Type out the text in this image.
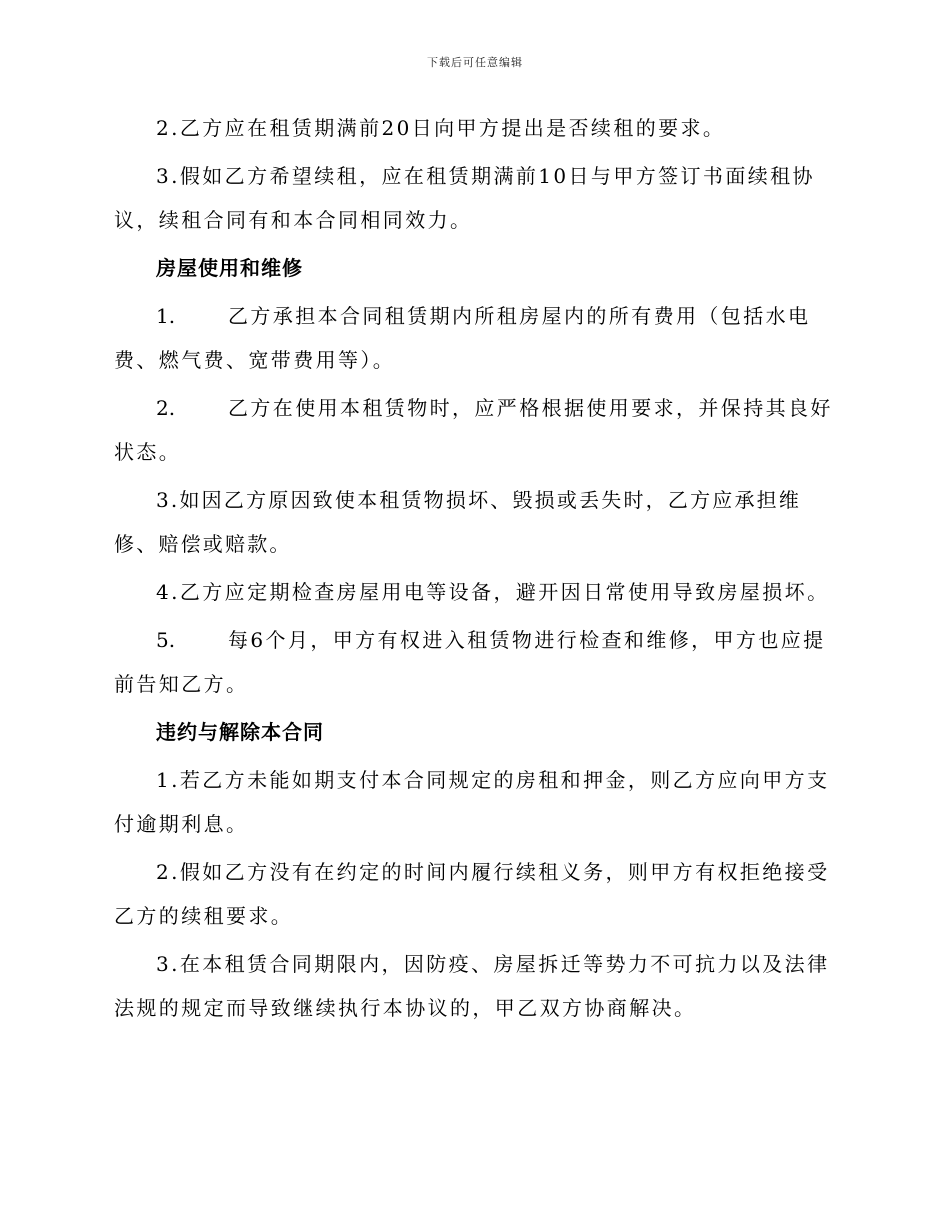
下载后可任意编辑

2.乙方应在租赁期满前20日向甲方提出是否续租的要求。

3.假如乙方希望续租，应在租赁期满前10日与甲方签订书面续租协议，续租合同有和本合同相同效力。

房屋使用和维修

1.	乙方承担本合同租赁期内所租房屋内的所有费用（包括水电费、燃气费、宽带费用等）。

2.	乙方在使用本租赁物时，应严格根据使用要求，并保持其良好状态。

3.如因乙方原因致使本租赁物损坏、毁损或丢失时，乙方应承担维修、赔偿或赔款。

4.乙方应定期检查房屋用电等设备，避开因日常使用导致房屋损坏。

5.	每6个月，甲方有权进入租赁物进行检查和维修，甲方也应提前告知乙方。

违约与解除本合同

1.若乙方未能如期支付本合同规定的房租和押金，则乙方应向甲方支付逾期利息。

2.假如乙方没有在约定的时间内履行续租义务，则甲方有权拒绝接受乙方的续租要求。

3.在本租赁合同期限内，因防疫、房屋拆迁等势力不可抗力以及法律法规的规定而导致继续执行本协议的，甲乙双方协商解决。
